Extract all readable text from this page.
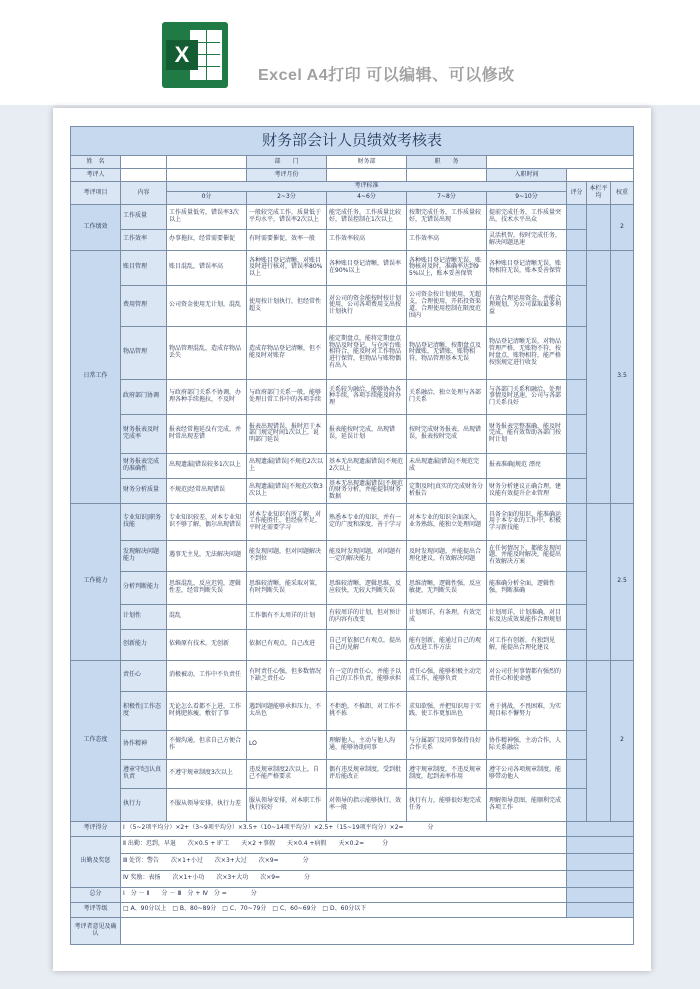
X
Excel A4打印 可以编辑、可以修改
财务部会计人员绩效考核表									
姓　名			部　　门	财务部	职　　务				
考评人			考评月份			入职时间			
考评项目	内容	考评标准					评分	本栏平均	权重
		0分	2~3分	4~6分	7~8分	9~10分			
工作绩效	工作质量	工作质量低劣，错误率3次以上	一般较完成工作，质量低于平均水平，错误率2次以上	能完成任务，工作质量比较好，错误控制在1次以上	按期完成任务，工作质量较好，无错误出现	提前完成任务，工作质量突出，技术水平出众			2
	工作效率	办事拖拉，经常需要催促	有时需要催促，效率一般	工作效率较高	工作效率高	灵活机智，按时完成任务，解决问题迅速			
日常工作	账目管理	账目混乱，错误率高	各种账目登记清晰，对账目及时进行核对，错误率80%以上	各种账目登记清晰，错误率在90%以上	各种账目登记清晰无误，账物核对及时，准确率达到95%以上，账本妥善保管	各种账目登记清晰无误，账物相符无误，账本妥善保管			3.5
	费用管理	公司资金使用无计划，混乱	使用按计划执行，但经常性超支	对公司的资金能按时按计划使用，公司各项费用支出按计划执行	公司资金按计划使用，无超支，合理使用，开拓投资渠道，合理使用控制在限度范围内	有效合理运用资金，并能合理规划，为公司谋取最多利益			
	物品管理	物品管理混乱，造成存物品丢失	造成存物品登记清晰，但不能及时对账存	能定期盘点，能将定期盘点物品及时登记，与仓库台账相符合，能及时对工作物品进行保管，但物品与账物偶有出入	物品登记清晰，按期盘点及时做账，无错账，账物相符，物品管理基本无误	物品登记清晰无误，对物品管理严格，无账物不符，按时盘点，账物相符，能严格按照规定进行收发			
	政府部门协调	与政府部门关系不协调，办理各种手续拖拉，不及时	与政府部门关系一般，能够处理日常工作中的各项手续	关系较为融洽，能够协办各种手续，各项手续能及时办理	关系融洽，独立处理与各部门关系	与各部门关系和融洽，处理事情及时迅速，公司与各部门关系良好			
	财务报表及时完成率	报表经常拖延没有完成，并时常出现差错	报表出现错误，报时迟于本部门规定时间1次以上，说明部门延误	报表能按时完成，出现错误，延误计划	按时完成财务报表，出现错误，报表按时完成	财务报表完整准确，能及时完成，能有效帮助各部门按时计划			
	财务报表完成的准确性	出现遗漏|错误较多1次以上	出现遗漏|错误|不规范2次以上	基本无出现遗漏错误|不规范2次以上	未出现遗漏|错误|不规范完成	报表准确|规范 漂亮			
	财务分析质量	不规范|经常出现错误	出现遗漏|错误|不规范次数3次以上	基本无出现遗漏错误|不规范的财务分析，并能提供财务数据	定期及时|真实的完成财务分析报告	财务分析建议正确合理，建议能有效提升企业管理			
工作能力	专业知识|职务技能	专业知识较差，对本专业知识不够了解，偶尔出现错误	对本专业知识有所了解，对工作能胜任，但经验不足，平时还需要学习	熟悉本专业的知识，并有一定的广度和深度，善于学习	对本专业的知识全面深入，业务熟练，能独立处理问题	具备全面的知识，能准确运用于本专业的工作中，积极学习新技能			2.5
	发现解决问题能力	遇事无主见，无法解决问题	能发现问题，但对问题解决不到位	能及时发现问题，对问题有一定的解决能力	及时发现问题，并能提出合理化建议，有效解决问题	在任何情况下，都能发现问题，并能及时解决，能提出有效解决方案			
	分析判断能力	思维混乱，反应迟钝，逻辑性差，经常判断失误	思维较清晰，能采取对策，有时判断失误	思维较清晰，逻辑思维，反应较快，无较大判断失误	思维清晰，逻辑性强，反应敏捷，无判断失误	能准确分析全面，逻辑性强，判断准确			
	计划性	混乱	工作偶有不太周详的计划	有较周详的计划，但对预计的内容有改变	计划周详，有条理，有效完成	计划周详，计划准确，对目标及达成效果能作合理规划			
	创新能力	依赖原有技术，无创新	依据已有观点，自己改进	自己可依据已有观点，提出自己的见解	能有创新，能通过自己的观点改进工作方法	对工作有创新，有独到见解，能提出合理化建议			
工作态度	责任心	消极被动，工作中不负责任	有时责任心强，但多数情况下缺乏责任心	有一定的责任心，并能予以自己的工作负责，能够承担	责任心强，能够积极主动完成工作，能够负责	对公司任何事情都有强烈的责任心和使命感			2
	积极性|工作态度	无论怎么看都不上进，工作时挑肥拣瘦，敷衍了事	遇到问题能够承担压力，不太出色	不拒绝，不推卸，对工作不挑不拣	求知欲强，并把知识用于实践，使工作更加出色	勇于挑战，不畏困难，为实现目标不懈努力			
	协作精神	不擅沟通，但求自己方便合作	LO	理解他人，主动与他人沟通，能够协助同事	与分属部门及同事保持良好合作关系	协作精神强，主动合作，人际关系融洽			
	遵章守纪|认真负责	不遵守规章制度3次以上	违反规章制度2次以上，自己不能严格要求	偶有违反规章制度，受到批评后能改正	遵守规章制度，不违反规章制度，起到表率作用	遵守公司各项规章制度，能够带动他人			
	执行力	不服从领导安排，执行力差	服从领导安排，对本职工作执行较好	对领导的指示能够执行，效率一般	执行有力，能够很好地完成任务	理解领导意图，能顺利完成各项工作			
考评得分	Ⅰ （5~2项平均分）×2+（3~9项平均分）×3.5+（10~14项平均分）×2.5+（15~19项平均分）×2=　　　　分								
出勤及奖惩	Ⅱ 出勤：迟到，早退　　次×0.5 + 旷工　　天×2 +事假　　天×0.4 +病假　　天×0.2=　　　分								
	Ⅲ 处罚：警告　　次×1+小过　　次×3+大过　　次×9=　　　　分								
	Ⅳ 奖励：表扬　　次×1+小功　　次×3+大功　　次×9=　　　　分								
总分	Ⅰ　分 － Ⅱ　　分 － Ⅲ　分 + Ⅳ　分 =　　　　分								
考评等级	□ A、90分以上　□ B、80~89分　□ C、70~79分　□ C、60~69分　□ D、60分以下								
考评者意见及确认									
